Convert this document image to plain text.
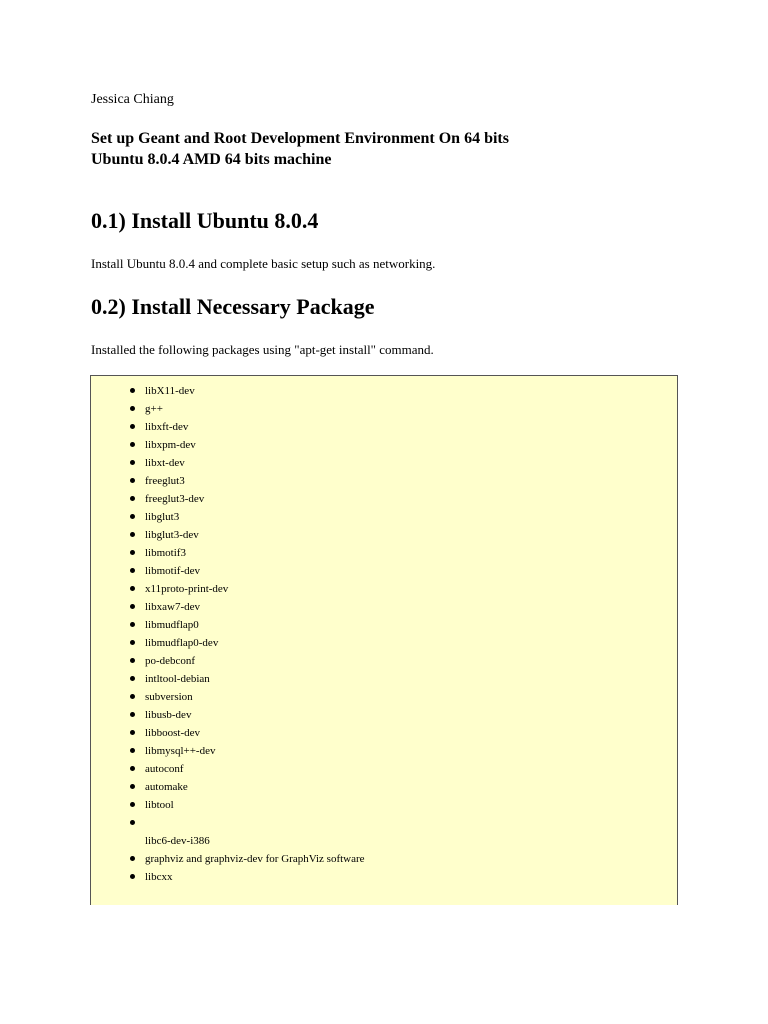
Jessica Chiang
Set up Geant and Root Development Environment On 64 bits
Ubuntu 8.0.4 AMD 64 bits machine
0.1) Install Ubuntu 8.0.4

Install Ubuntu 8.0.4 and complete basic setup such as networking.

0.2) Install Necessary Package

Installed the following packages using "apt-get install" command.

libX11-dev
g++
libxft-dev
libxpm-dev
libxt-dev
freeglut3
freeglut3-dev
libglut3
libglut3-dev
libmotif3
libmotif-dev
x11proto-print-dev
libxaw7-dev
libmudflap0
libmudflap0-dev
po-debconf
intltool-debian
subversion
libusb-dev
libboost-dev
libmysql++-dev
autoconf
automake
libtool
libc6-dev-i386
graphviz and graphviz-dev for GraphViz software
libcxx
